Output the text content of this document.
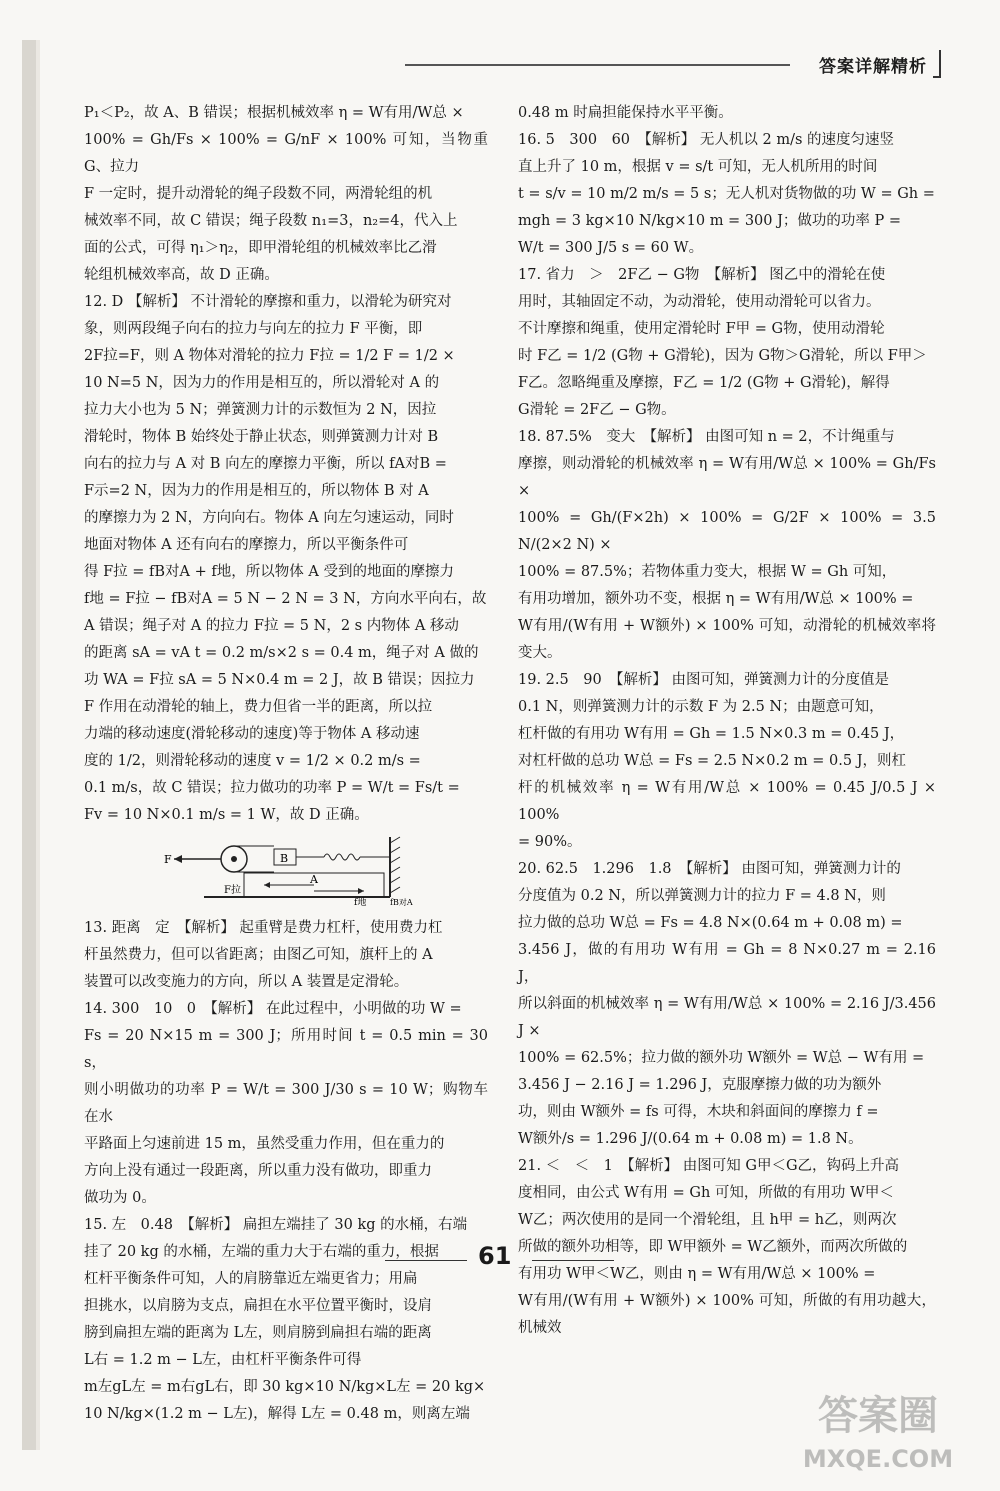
答案详解精析

P₁＜P₂，故 A、B 错误；根据机械效率 η = W有用/W总 ×

100% = Gh/Fs × 100% = G/nF × 100% 可知，当物重 G、拉力

F 一定时，提升动滑轮的绳子段数不同，两滑轮组的机

械效率不同，故 C 错误；绳子段数 n₁=3，n₂=4，代入上

面的公式，可得 η₁＞η₂，即甲滑轮组的机械效率比乙滑

轮组机械效率高，故 D 正确。

12. D 【解析】 不计滑轮的摩擦和重力，以滑轮为研究对

象，则两段绳子向右的拉力与向左的拉力 F 平衡，即

2F拉=F，则 A 物体对滑轮的拉力 F拉 = 1/2 F = 1/2 ×

10 N=5 N，因为力的作用是相互的，所以滑轮对 A 的

拉力大小也为 5 N；弹簧测力计的示数恒为 2 N，因拉

滑轮时，物体 B 始终处于静止状态，则弹簧测力计对 B

向右的拉力与 A 对 B 向左的摩擦力平衡，所以 fA对B =

F示=2 N，因为力的作用是相互的，所以物体 B 对 A

的摩擦力为 2 N，方向向右。物体 A 向左匀速运动，同时

地面对物体 A 还有向右的摩擦力，所以平衡条件可

得 F拉 = fB对A + f地，所以物体 A 受到的地面的摩擦力

f地 = F拉 − fB对A = 5 N − 2 N = 3 N，方向水平向右，故

A 错误；绳子对 A 的拉力 F拉 = 5 N，2 s 内物体 A 移动

的距离 sA = vA t = 0.2 m/s×2 s = 0.4 m，绳子对 A 做的

功 WA = F拉 sA = 5 N×0.4 m = 2 J，故 B 错误；因拉力

F 作用在动滑轮的轴上，费力但省一半的距离，所以拉

力端的移动速度(滑轮移动的速度)等于物体 A 移动速

度的 1/2，则滑轮移动的速度 v = 1/2 × 0.2 m/s =

0.1 m/s，故 C 错误；拉力做功的功率 P = W/t = Fs/t =

Fv = 10 N×0.1 m/s = 1 W，故 D 正确。

F	B
A
F拉
f地	fB对A

13. 距离　定　【解析】 起重臂是费力杠杆，使用费力杠

杆虽然费力，但可以省距离；由图乙可知，旗杆上的 A

装置可以改变施力的方向，所以 A 装置是定滑轮。

14. 300　10　0　【解析】 在此过程中，小明做的功 W =

Fs = 20 N×15 m = 300 J；所用时间 t = 0.5 min = 30 s，

则小明做功的功率 P = W/t = 300 J/30 s = 10 W；购物车在水

平路面上匀速前进 15 m，虽然受重力作用，但在重力的

方向上没有通过一段距离，所以重力没有做功，即重力

做功为 0。

15. 左　0.48　【解析】 扁担左端挂了 30 kg 的水桶，右端

挂了 20 kg 的水桶，左端的重力大于右端的重力，根据

杠杆平衡条件可知，人的肩膀靠近左端更省力；用扁

担挑水，以肩膀为支点，扁担在水平位置平衡时，设肩

膀到扁担左端的距离为 L左，则肩膀到扁担右端的距离

L右 = 1.2 m − L左，由杠杆平衡条件可得

m左gL左 = m右gL右，即 30 kg×10 N/kg×L左 = 20 kg×

10 N/kg×(1.2 m − L左)，解得 L左 = 0.48 m，则离左端

0.48 m 时扁担能保持水平平衡。

16. 5　300　60　【解析】 无人机以 2 m/s 的速度匀速竖

直上升了 10 m，根据 v = s/t 可知，无人机所用的时间

t = s/v = 10 m/2 m/s = 5 s；无人机对货物做的功 W = Gh =

mgh = 3 kg×10 N/kg×10 m = 300 J；做功的功率 P =

W/t = 300 J/5 s = 60 W。

17. 省力　＞　2F乙 − G物　【解析】 图乙中的滑轮在使

用时，其轴固定不动，为动滑轮，使用动滑轮可以省力。

不计摩擦和绳重，使用定滑轮时 F甲 = G物，使用动滑轮

时 F乙 = 1/2 (G物 + G滑轮)，因为 G物＞G滑轮，所以 F甲＞

F乙。忽略绳重及摩擦，F乙 = 1/2 (G物 + G滑轮)，解得

G滑轮 = 2F乙 − G物。

18. 87.5%　变大　【解析】 由图可知 n = 2，不计绳重与

摩擦，则动滑轮的机械效率 η = W有用/W总 × 100% = Gh/Fs ×

100% = Gh/(F×2h) × 100% = G/2F × 100% = 3.5 N/(2×2 N) ×

100% = 87.5%；若物体重力变大，根据 W = Gh 可知，

有用功增加，额外功不变，根据 η = W有用/W总 × 100% =

W有用/(W有用 + W额外) × 100% 可知，动滑轮的机械效率将变大。

19. 2.5　90　【解析】 由图可知，弹簧测力计的分度值是

0.1 N，则弹簧测力计的示数 F 为 2.5 N；由题意可知，

杠杆做的有用功 W有用 = Gh = 1.5 N×0.3 m = 0.45 J，

对杠杆做的总功 W总 = Fs = 2.5 N×0.2 m = 0.5 J，则杠

杆的机械效率 η = W有用/W总 × 100% = 0.45 J/0.5 J × 100%

= 90%。

20. 62.5　1.296　1.8　【解析】 由图可知，弹簧测力计的

分度值为 0.2 N，所以弹簧测力计的拉力 F = 4.8 N，则

拉力做的总功 W总 = Fs = 4.8 N×(0.64 m + 0.08 m) =

3.456 J，做的有用功 W有用 = Gh = 8 N×0.27 m = 2.16 J，

所以斜面的机械效率 η = W有用/W总 × 100% = 2.16 J/3.456 J ×

100% = 62.5%；拉力做的额外功 W额外 = W总 − W有用 =

3.456 J − 2.16 J = 1.296 J，克服摩擦力做的功为额外

功，则由 W额外 = fs 可得，木块和斜面间的摩擦力 f =

W额外/s = 1.296 J/(0.64 m + 0.08 m) = 1.8 N。

21. ＜　＜　1　【解析】 由图可知 G甲＜G乙，钩码上升高

度相同，由公式 W有用 = Gh 可知，所做的有用功 W甲＜

W乙；两次使用的是同一个滑轮组，且 h甲 = h乙，则两次

所做的额外功相等，即 W甲额外 = W乙额外，而两次所做的

有用功 W甲＜W乙，则由 η = W有用/W总 × 100% =

W有用/(W有用 + W额外) × 100% 可知，所做的有用功越大，机械效

61
答案圈
MXQE.COM
